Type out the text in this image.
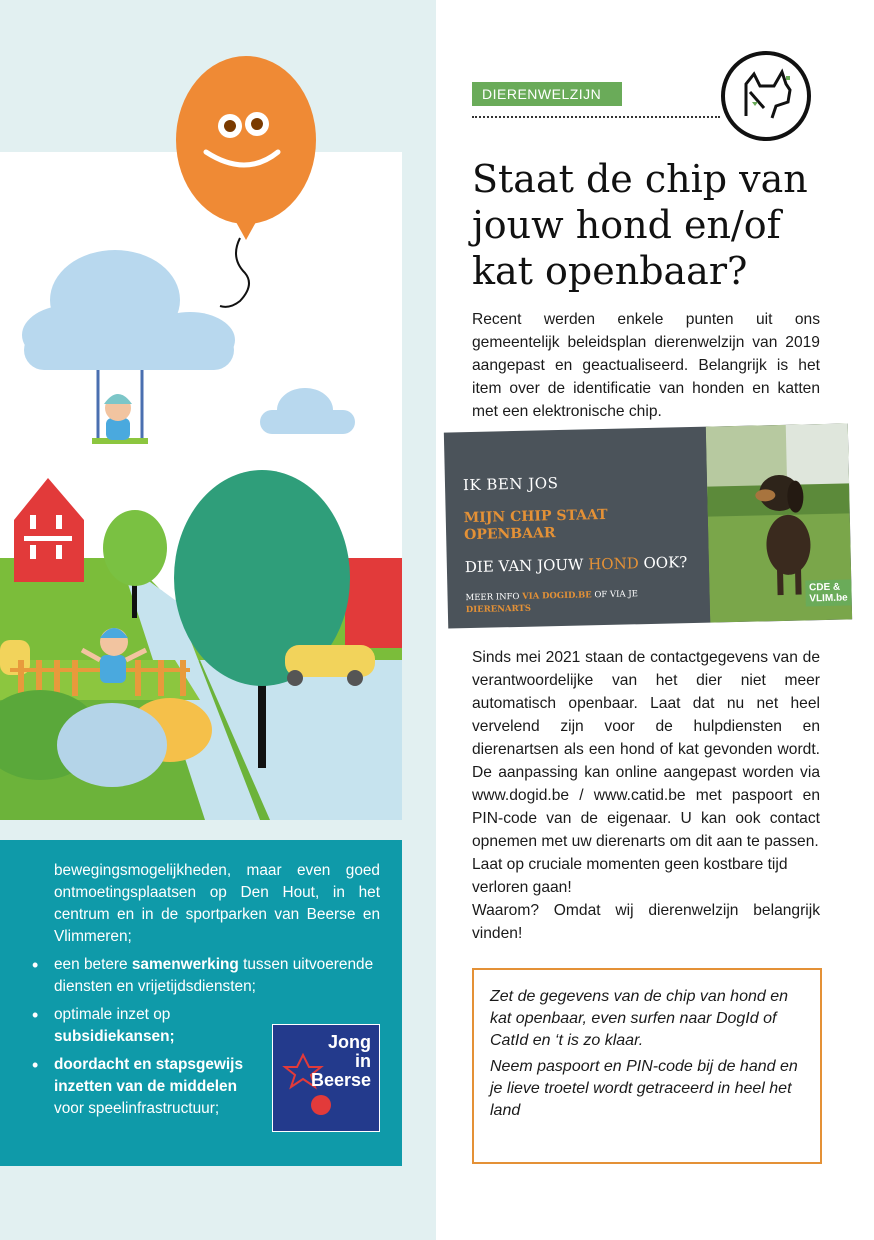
bewegingsmogelijkheden, maar even goed ontmoetingsplaatsen op Den Hout, in het centrum en in de sportparken van Beerse en Vlimmeren;
• een betere samenwerking tussen uitvoerende diensten en vrijetijdsdiensten;
• optimale inzet op subsidiekansen;
• doordacht en stapsgewijs inzetten van de middelen voor speelinfrastructuur;
Jong
in
Beerse
DIERENWELZIJN
Staat de chip van jouw hond en/of kat openbaar?

Recent werden enkele punten uit ons gemeentelijk beleidsplan dierenwelzijn van 2019 aangepast en geactualiseerd. Belangrijk is het item over de identificatie van honden en katten met een elektronische chip.

IK BEN JOS
MIJN CHIP STAAT OPENBAAR
DIE VAN JOUW HOND OOK?
MEER INFO VIA DOGID.BE OF VIA JE
DIERENARTS
CDE &
VLIM.be

Sinds mei 2021 staan de contactgegevens van de verantwoordelijke van het dier niet meer automatisch openbaar. Laat dat nu net heel vervelend zijn voor de hulpdiensten en dierenartsen als een hond of kat gevonden wordt. De aanpassing kan online aangepast worden via www.dogid.be / www.catid.be met paspoort en PIN-code van de eigenaar. U kan ook contact opnemen met uw dierenarts om dit aan te passen.

Laat op cruciale momenten geen kostbare tijd verloren gaan!

Waarom? Omdat wij dierenwelzijn belangrijk vinden!

Zet de gegevens van de chip van hond en kat openbaar, even surfen naar DogId of CatId en ‘t is zo klaar.

Neem paspoort en PIN-code bij de hand en je lieve troetel wordt getraceerd in heel het land
